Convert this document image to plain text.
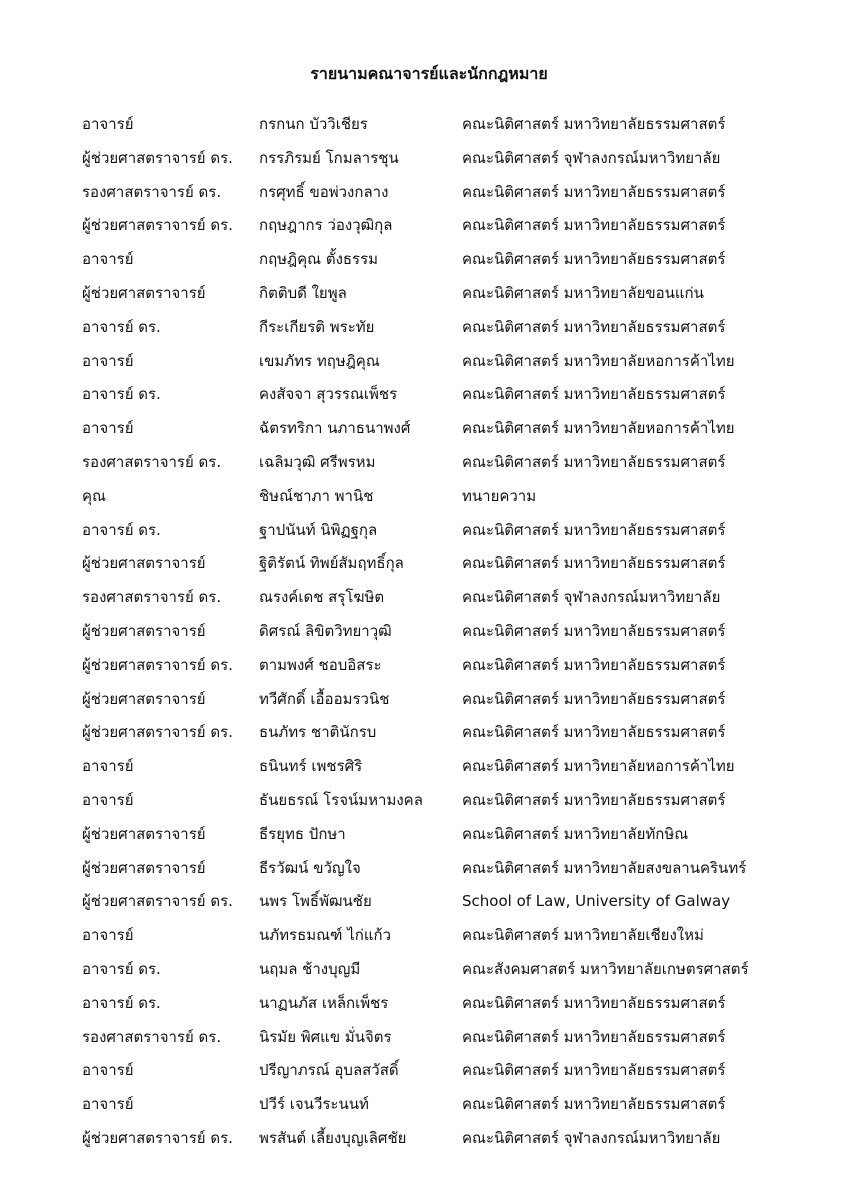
รายนามคณาจารย์และนักกฎหมาย
อาจารย์	กรกนก บัววิเชียร	คณะนิติศาสตร์ มหาวิทยาลัยธรรมศาสตร์
ผู้ช่วยศาสตราจารย์ ดร.	กรรภิรมย์ โกมลารชุน	คณะนิติศาสตร์ จุฬาลงกรณ์มหาวิทยาลัย
รองศาสตราจารย์ ดร.	กรศุทธิ์ ขอพ่วงกลาง	คณะนิติศาสตร์ มหาวิทยาลัยธรรมศาสตร์
ผู้ช่วยศาสตราจารย์ ดร.	กฤษฎากร ว่องวุฒิกุล	คณะนิติศาสตร์ มหาวิทยาลัยธรรมศาสตร์
อาจารย์	กฤษฎิคุณ ตั้งธรรม	คณะนิติศาสตร์ มหาวิทยาลัยธรรมศาสตร์
ผู้ช่วยศาสตราจารย์	กิตติบดี ใยพูล	คณะนิติศาสตร์ มหาวิทยาลัยขอนแก่น
อาจารย์ ดร.	กีระเกียรติ พระทัย	คณะนิติศาสตร์ มหาวิทยาลัยธรรมศาสตร์
อาจารย์	เขมภัทร ทฤษฎิคุณ	คณะนิติศาสตร์ มหาวิทยาลัยหอการค้าไทย
อาจารย์ ดร.	คงสัจจา สุวรรณเพ็ชร	คณะนิติศาสตร์ มหาวิทยาลัยธรรมศาสตร์
อาจารย์	ฉัตรทริกา นภาธนาพงศ์	คณะนิติศาสตร์ มหาวิทยาลัยหอการค้าไทย
รองศาสตราจารย์ ดร.	เฉลิมวุฒิ ศรีพรหม	คณะนิติศาสตร์ มหาวิทยาลัยธรรมศาสตร์
คุณ	ชิษณ์ชาภา พานิช	ทนายความ
อาจารย์ ดร.	ฐาปนันท์ นิพิฏฐกุล	คณะนิติศาสตร์ มหาวิทยาลัยธรรมศาสตร์
ผู้ช่วยศาสตราจารย์	ฐิติรัตน์ ทิพย์สัมฤทธิ์กุล	คณะนิติศาสตร์ มหาวิทยาลัยธรรมศาสตร์
รองศาสตราจารย์ ดร.	ณรงค์เดช สรุโฆษิต	คณะนิติศาสตร์ จุฬาลงกรณ์มหาวิทยาลัย
ผู้ช่วยศาสตราจารย์	ดิศรณ์ ลิขิตวิทยาวุฒิ	คณะนิติศาสตร์ มหาวิทยาลัยธรรมศาสตร์
ผู้ช่วยศาสตราจารย์ ดร.	ตามพงศ์ ชอบอิสระ	คณะนิติศาสตร์ มหาวิทยาลัยธรรมศาสตร์
ผู้ช่วยศาสตราจารย์	ทวีศักดิ์ เอื้ออมรวนิช	คณะนิติศาสตร์ มหาวิทยาลัยธรรมศาสตร์
ผู้ช่วยศาสตราจารย์ ดร.	ธนภัทร ชาตินักรบ	คณะนิติศาสตร์ มหาวิทยาลัยธรรมศาสตร์
อาจารย์	ธนินทร์ เพชรศิริ	คณะนิติศาสตร์ มหาวิทยาลัยหอการค้าไทย
อาจารย์	ธันยธรณ์ โรจน์มหามงคล	คณะนิติศาสตร์ มหาวิทยาลัยธรรมศาสตร์
ผู้ช่วยศาสตราจารย์	ธีรยุทธ ปักษา	คณะนิติศาสตร์ มหาวิทยาลัยทักษิณ
ผู้ช่วยศาสตราจารย์	ธีรวัฒน์ ขวัญใจ	คณะนิติศาสตร์ มหาวิทยาลัยสงขลานครินทร์
ผู้ช่วยศาสตราจารย์ ดร.	นพร โพธิ์พัฒนชัย	School of Law, University of Galway
อาจารย์	นภัทรธมณฑ์ ไก่แก้ว	คณะนิติศาสตร์ มหาวิทยาลัยเชียงใหม่
อาจารย์ ดร.	นฤมล ช้างบุญมี	คณะสังคมศาสตร์ มหาวิทยาลัยเกษตรศาสตร์
อาจารย์ ดร.	นาฏนภัส เหล็กเพ็ชร	คณะนิติศาสตร์ มหาวิทยาลัยธรรมศาสตร์
รองศาสตราจารย์ ดร.	นิรมัย พิศแข มั่นจิตร	คณะนิติศาสตร์ มหาวิทยาลัยธรรมศาสตร์
อาจารย์	ปรีญาภรณ์ อุบลสวัสดิ์	คณะนิติศาสตร์ มหาวิทยาลัยธรรมศาสตร์
อาจารย์	ปวีร์ เจนวีระนนท์	คณะนิติศาสตร์ มหาวิทยาลัยธรรมศาสตร์
ผู้ช่วยศาสตราจารย์ ดร.	พรสันต์ เลี้ยงบุญเลิศชัย	คณะนิติศาสตร์ จุฬาลงกรณ์มหาวิทยาลัย
